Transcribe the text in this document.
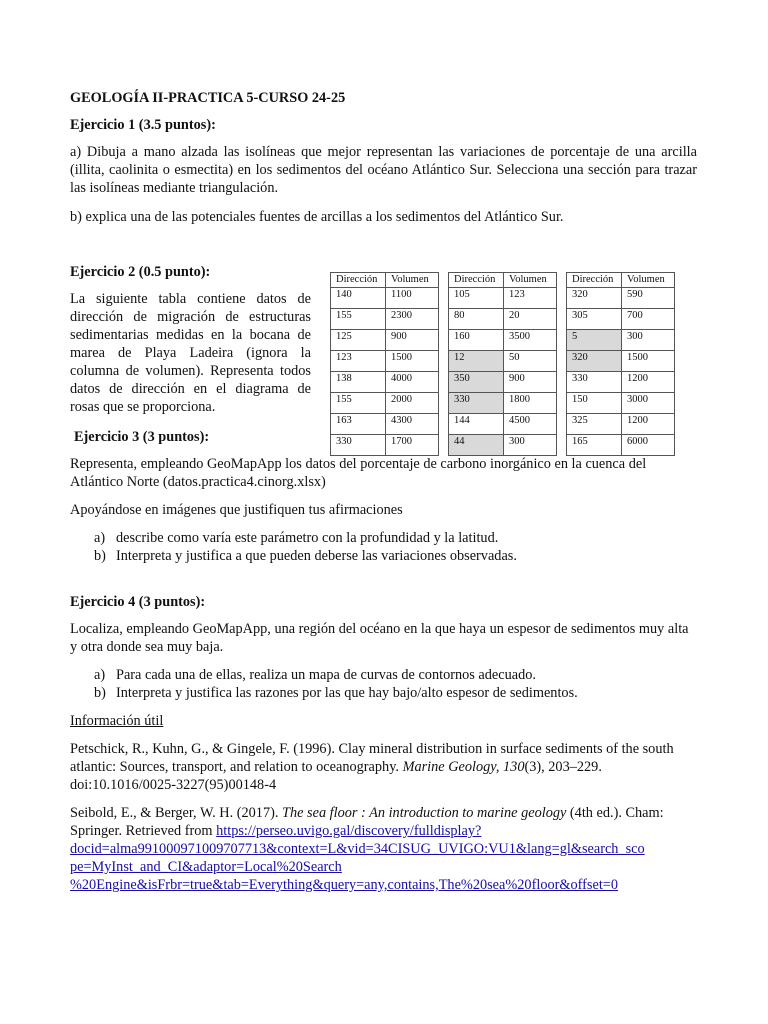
GEOLOGÍA II-PRACTICA 5-CURSO 24-25
Ejercicio 1 (3.5 puntos):

a) Dibuja a mano alzada las isolíneas que mejor representan las variaciones de porcentaje de una arcilla (illita, caolinita o esmectita) en los sedimentos del océano Atlántico Sur. Selecciona una sección para trazar las isolíneas mediante triangulación.

b) explica una de las potenciales fuentes de arcillas a los sedimentos del Atlántico Sur.

Ejercicio 2 (0.5 punto):

La siguiente tabla contiene datos de dirección de migración de estructuras sedimentarias medidas en la bocana de marea de Playa Ladeira (ignora la columna de volumen). Representa todos datos de dirección en el diagrama de rosas que se proporciona.

Dirección	Volumen
140	1100
155	2300
125	900
123	1500
138	4000
155	2000
163	4300
330	1700
Dirección	Volumen
105	123
80	20
160	3500
12	50
350	900
330	1800
144	4500
44	300
Dirección	Volumen
320	590
305	700
5	300
320	1500
330	1200
150	3000
325	1200
165	6000
Ejercicio 3 (3 puntos):

Representa, empleando GeoMapApp los datos del porcentaje de carbono inorgánico en la cuenca del Atlántico Norte (datos.practica4.cinorg.xlsx)

Apoyándose en imágenes que justifiquen tus afirmaciones

a) describe como varía este parámetro con la profundidad y la latitud.
b) Interpreta y justifica a que pueden deberse las variaciones observadas.
Ejercicio 4 (3 puntos):

Localiza, empleando GeoMapApp, una región del océano en la que haya un espesor de sedimentos muy alta y otra donde sea muy baja.

a) Para cada una de ellas, realiza un mapa de curvas de contornos adecuado.
b) Interpreta y justifica las razones por las que hay bajo/alto espesor de sedimentos.
Información útil

Petschick, R., Kuhn, G., & Gingele, F. (1996). Clay mineral distribution in surface sediments of the south atlantic: Sources, transport, and relation to oceanography. Marine Geology, 130(3), 203–229. doi:10.1016/0025-3227(95)00148-4

Seibold, E., & Berger, W. H. (2017). The sea floor : An introduction to marine geology (4th ed.). Cham: Springer. Retrieved from https://perseo.uvigo.gal/discovery/fulldisplay?
docid=alma991000971009707713&context=L&vid=34CISUG_UVIGO:VU1&lang=gl&search_sco
pe=MyInst_and_CI&adaptor=Local%20Search
%20Engine&isFrbr=true&tab=Everything&query=any,contains,The%20sea%20floor&offset=0
